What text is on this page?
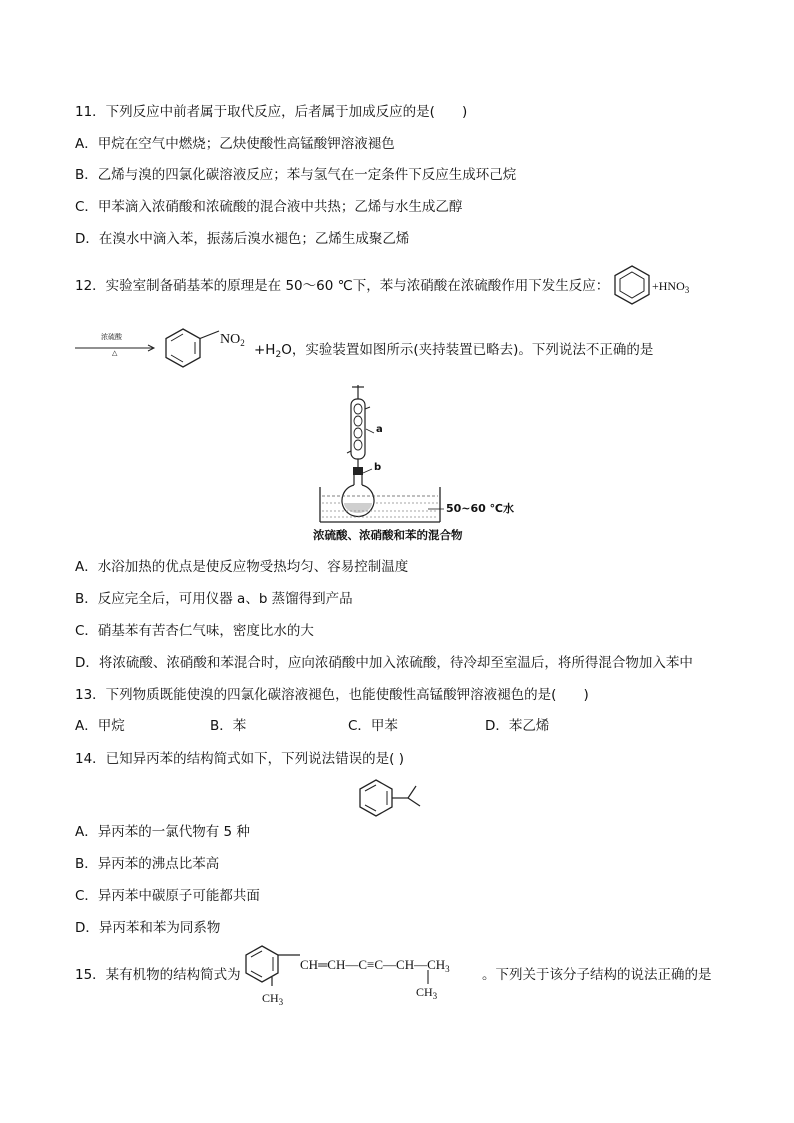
11．下列反应中前者属于取代反应，后者属于加成反应的是(　　)
A．甲烷在空气中燃烧；乙炔使酸性高锰酸钾溶液褪色
B．乙烯与溴的四氯化碳溶液反应；苯与氢气在一定条件下反应生成环己烷
C．甲苯滴入浓硝酸和浓硫酸的混合液中共热；乙烯与水生成乙醇
D．在溴水中滴入苯，振荡后溴水褪色；乙烯生成聚乙烯
12．实验室制备硝基苯的原理是在 50～60 ℃下，苯与浓硝酸在浓硫酸作用下发生反应：	$+HNO_3$
浓硫酸
△
$NO_2 +H_2O$，实验装置如图所示(夹持装置已略去)。下列说法不正确的是
a
b
50~60 ℃水
浓硫酸、浓硝酸和苯的混合物
A．水浴加热的优点是使反应物受热均匀、容易控制温度
B．反应完全后，可用仪器 a、b 蒸馏得到产品
C．硝基苯有苦杏仁气味，密度比水的大
D．将浓硫酸、浓硝酸和苯混合时，应向浓硝酸中加入浓硫酸，待冷却至室温后，将所得混合物加入苯中
13．下列物质既能使溴的四氯化碳溶液褪色，也能使酸性高锰酸钾溶液褪色的是(　　)
A．甲烷	B．苯	C．甲苯	D．苯乙烯
14．已知异丙苯的结构简式如下，下列说法错误的是( )
A．异丙苯的一氯代物有 5 种
B．异丙苯的沸点比苯高
C．异丙苯中碳原子可能都共面
D．异丙苯和苯为同系物
15．某有机物的结构简式为
$CH_3$
$CH═CH—C\equiv C—CH—CH_3$
$CH_3$
。下列关于该分子结构的说法正确的是
